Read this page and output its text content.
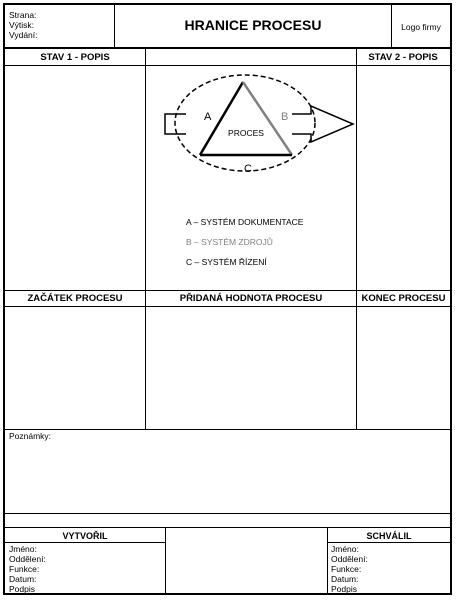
Strana:
Výtisk:
Vydání:
HRANICE PROCESU	Logo firmy
STAV 1 - POPIS	STAV 2 - POPIS
A	B
C
PROCES
A – SYSTÉM DOKUMENTACE
B – SYSTÉM ZDROJŮ
C – SYSTÉM ŘÍZENÍ
ZAČÁTEK PROCESU	PŘIDANÁ HODNOTA PROCESU	KONEC PROCESU
Poznámky:
VYTVOŘIL	SCHVÁLIL
Jméno:
Oddělení:
Funkce:
Datum:
Podpis
Jméno:
Oddělení:
Funkce:
Datum:
Podpis
